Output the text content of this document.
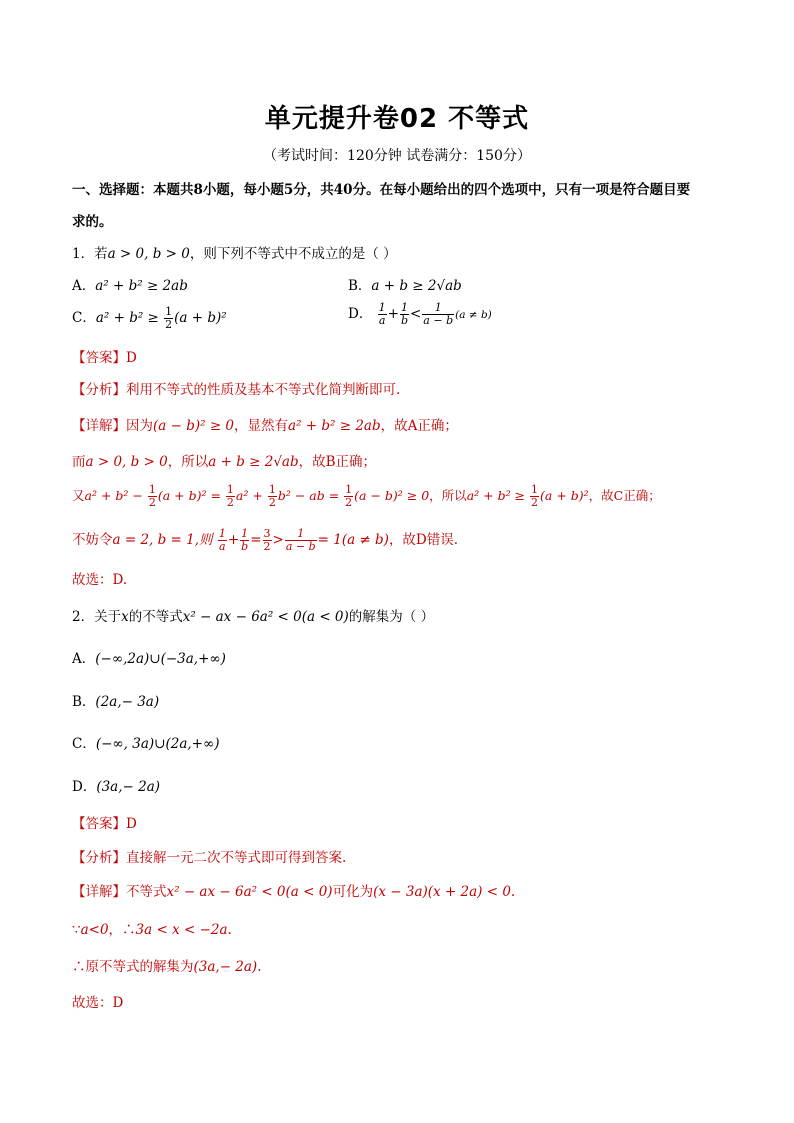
单元提升卷02 不等式
（考试时间：120分钟 试卷满分：150分）
一、选择题：本题共8小题，每小题5分，共40分。在每小题给出的四个选项中，只有一项是符合题目要
求的。
1．若a > 0, b > 0，则下列不等式中不成立的是（ ）
A．a² + b² ≥ 2ab	B．a + b ≥ 2√ab
C．$a^2 + b^2 \ge \frac{1}{2} (a + b)^2$	D． $\frac{1}{a} + \frac{1}{b} < \frac{1}{a - b} (a \ne b)$
【答案】D
【分析】利用不等式的性质及基本不等式化简判断即可.
【详解】因为(a − b)² ≥ 0，显然有a² + b² ≥ 2ab，故A正确；
而a > 0, b > 0，所以a + b ≥ 2√ab，故B正确；
又$a^2 + b^2 - \frac{1}{2} (a + b)^2 = \frac{1}{2} a^2 + \frac{1}{2} b^2$ − ab = $\frac{1}{2} (a - b)^2 \ge 0$，所以$a^2 + b^2 \ge \frac{1}{2} (a + b)^2$，故C正确；
不妨令a = 2, b = 1,则 $\frac{1}{a} + \frac{1}{b} = \frac{3}{2} > \frac{1}{a - b} = 1(a \ne b)$，故D错误.
故选：D.
2．关于x的不等式x² − ax − 6a² < 0(a < 0)的解集为（ ）
A．(−∞,2a)∪(−3a,+∞)
B．(2a,− 3a)
C．(−∞, 3a)∪(2a,+∞)
D．(3a,− 2a)
【答案】D
【分析】直接解一元二次不等式即可得到答案.
【详解】不等式x² − ax − 6a² < 0(a < 0)可化为(x − 3a)(x + 2a) < 0.
∵a<0，∴3a < x < −2a.
∴原不等式的解集为(3a,− 2a).
故选：D
